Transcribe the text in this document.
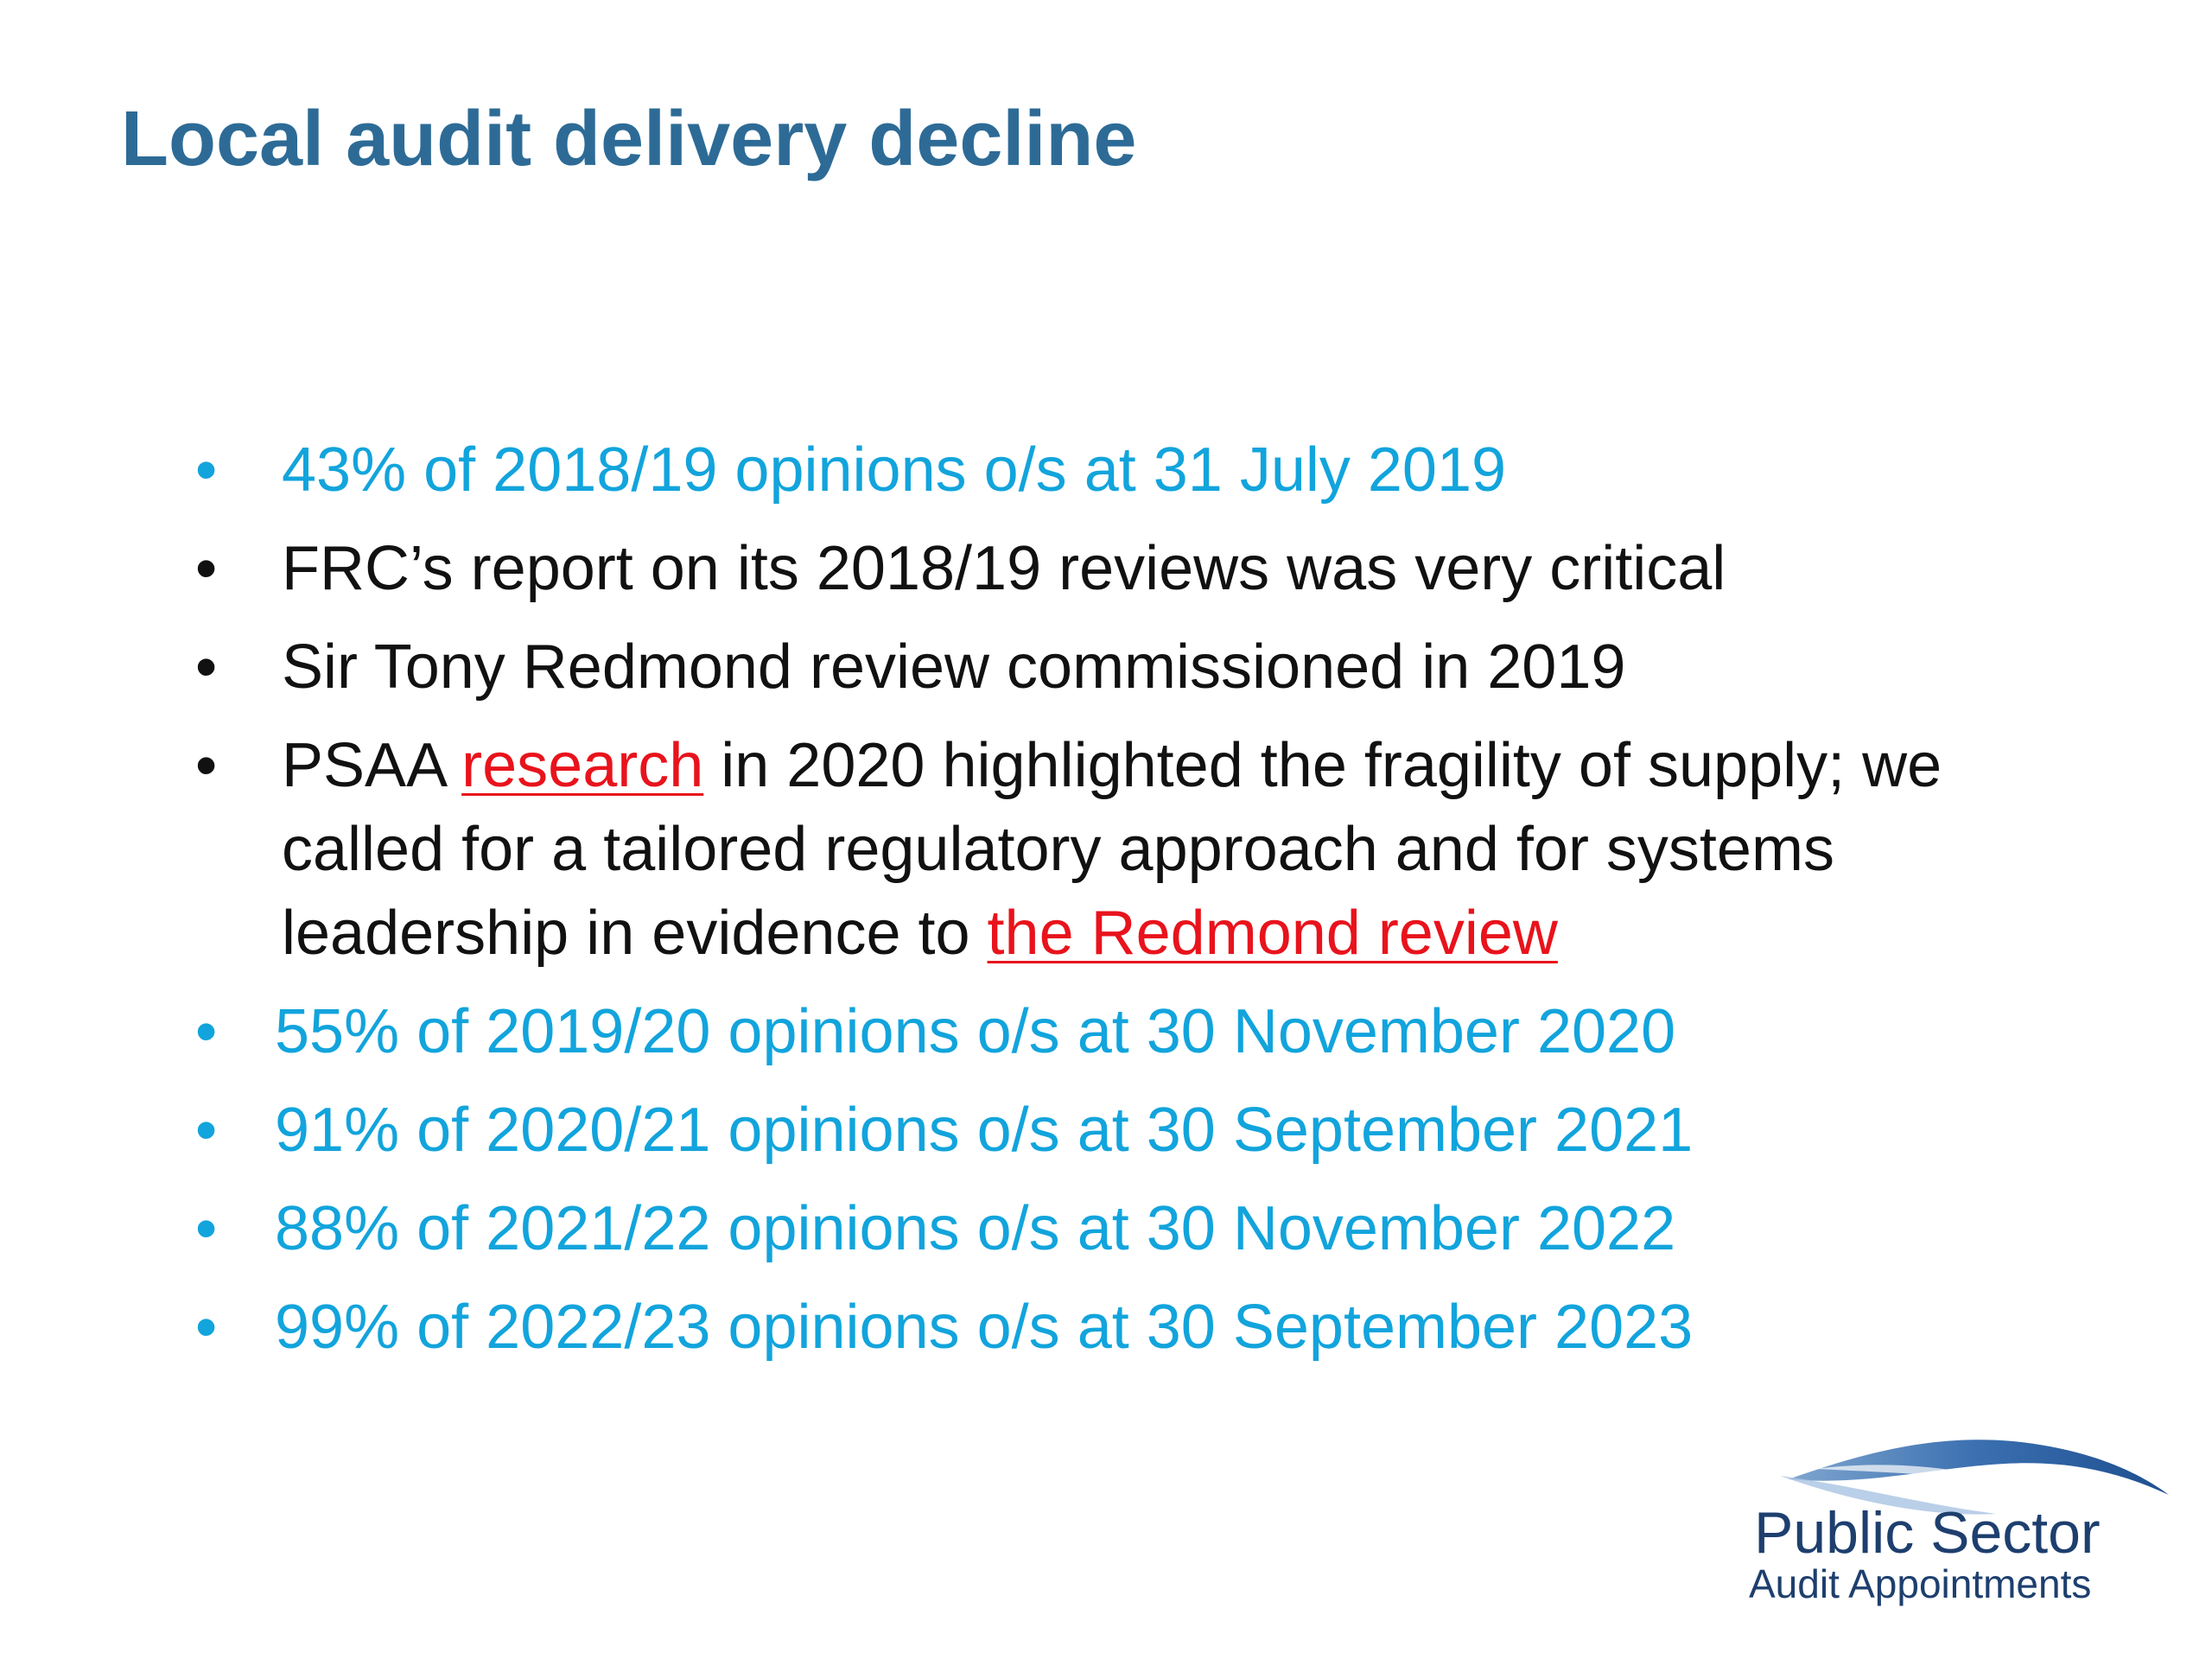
Local audit delivery decline
• 43% of 2018/19 opinions o/s at 31 July 2019
• FRC’s report on its 2018/19 reviews was very critical
• Sir Tony Redmond review commissioned in 2019
• PSAA research in 2020 highlighted the fragility of supply; we called for a tailored regulatory approach and for systems leadership in evidence to the Redmond review
• 55% of 2019/20 opinions o/s at 30 November 2020
• 91% of 2020/21 opinions o/s at 30 September 2021
• 88% of 2021/22 opinions o/s at 30 November 2022
• 99% of 2022/23 opinions o/s at 30 September 2023
Public Sector
Audit Appointments
